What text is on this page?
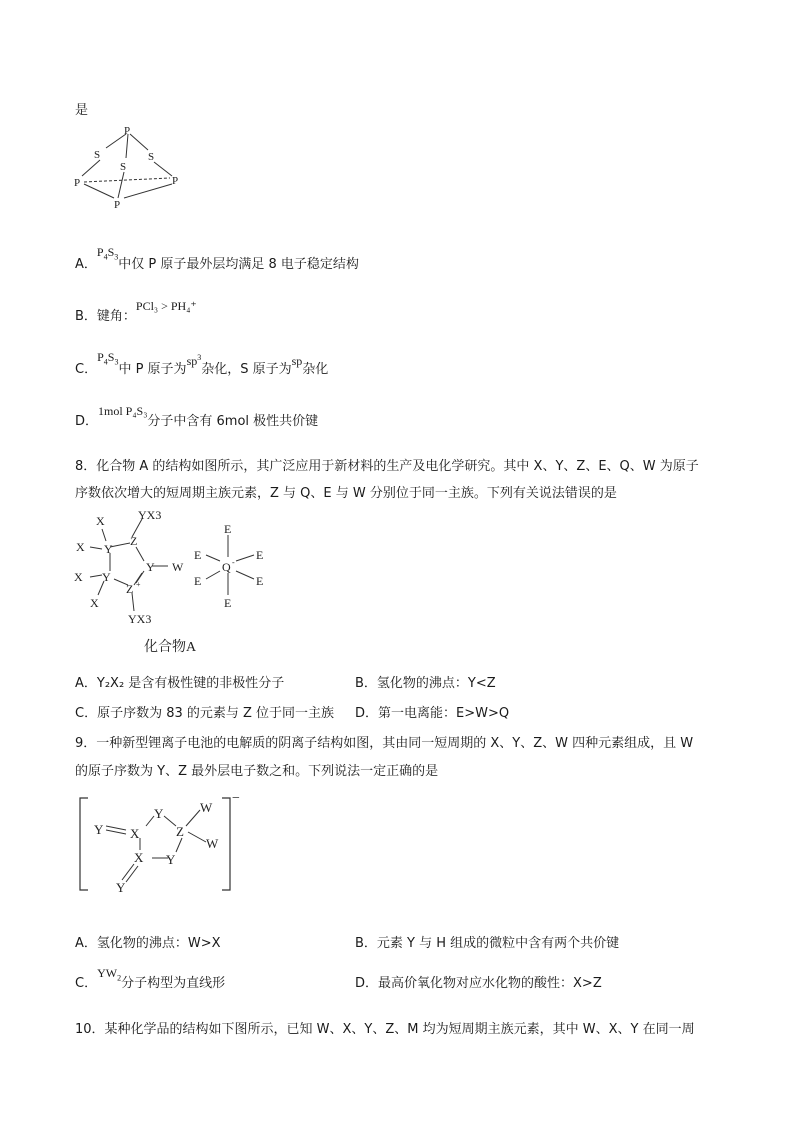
是
P
S
S
S
P	P
P
A．$P_4S_3$中仅 P 原子最外层均满足 8 电子稳定结构
B．键角：PCl₃ > PH₄⁺
C．$P_4S_3$中 P 原子为$sp^3$杂化，S 原子为sp杂化
D．1mol P₄S₃分子中含有 6mol 极性共价键
8．化合物 A 的结构如图所示，其广泛应用于新材料的生产及电化学研究。其中 X、Y、Z、E、Q、W 为原子
序数依次增大的短周期主族元素，Z 与 Q、E 与 W 分别位于同一主族。下列有关说法错误的是
X
X Y
Z
YX3
Y W
X Y
X
Z +
YX3
E
E	E
Q -
E	E
E
化合物A
A．Y₂X₂ 是含有极性键的非极性分子	B．氢化物的沸点：Y<Z
C．原子序数为 83 的元素与 Z 位于同一主族 D．第一电离能：E>W>Q
9．一种新型锂离子电池的电解质的阴离子结构如图，其由同一短周期的 X、Y、Z、W 四种元素组成，且 W
的原子序数为 Y、Z 最外层电子数之和。下列说法一定正确的是
Y X
Y
Z
W
W
X Y
Y
−
A．氢化物的沸点：W>X	B．元素 Y 与 H 组成的微粒中含有两个共价键
C．$YW_2$分子构型为直线形	D．最高价氧化物对应水化物的酸性：X>Z
10．某种化学品的结构如下图所示，已知 W、X、Y、Z、M 均为短周期主族元素，其中 W、X、Y 在同一周
